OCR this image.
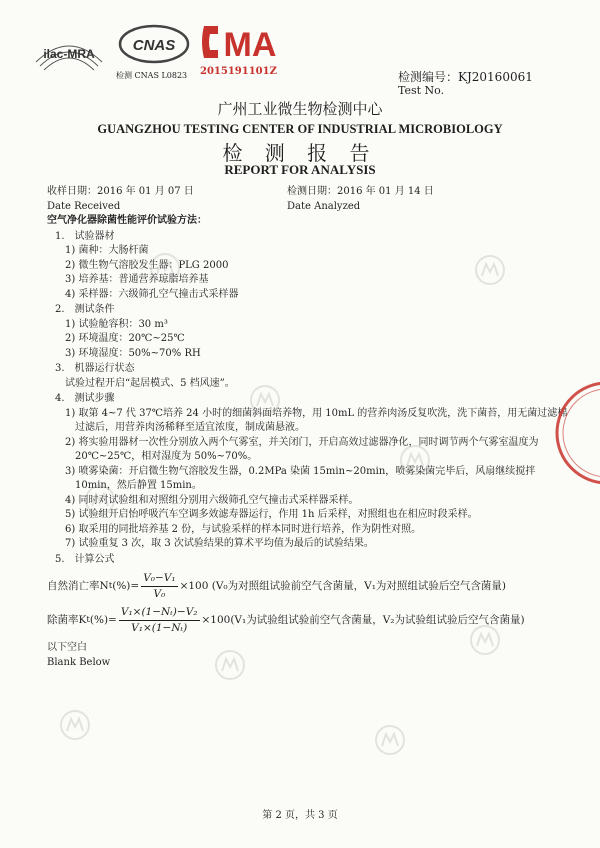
ilac-MRA	CNAS
检测 CNAS L0823
MA
2015191101Z	检测编号：KJ20160061
Test No.
广州工业微生物检测中心
GUANGZHOU TESTING CENTER OF INDUSTRIAL MICROBIOLOGY
检 测 报 告
REPORT FOR ANALYSIS
收样日期：2016 年 01 月 07 日	检测日期：2016 年 01 月 14 日
Date Received	Date Analyzed
空气净化器除菌性能评价试验方法：
1.　试验器材
1) 菌种：大肠杆菌
2) 微生物气溶胶发生器：PLG 2000
3) 培养基：普通营养琼脂培养基
4) 采样器：六级筛孔空气撞击式采样器
2.　测试条件
1) 试验舱容积：30 m³
2) 环境温度：20℃~25℃
3) 环境湿度：50%~70% RH
3.　机器运行状态
试验过程开启“起居模式、5 档风速”。
4.　测试步骤
1) 取第 4~7 代 37℃培养 24 小时的细菌斜面培养物，用 10mL 的营养肉汤反复吹洗，洗下菌苔，用无菌过滤棉过滤后，用营养肉汤稀释至适宜浓度，制成菌悬液。
2) 将实验用器材一次性分别放入两个气雾室，并关闭门，开启高效过滤器净化，同时调节两个气雾室温度为 20℃~25℃，相对湿度为 50%~70%。
3) 喷雾染菌：开启微生物气溶胶发生器，0.2MPa 染菌 15min~20min，喷雾染菌完毕后，风扇继续搅拌 10min，然后静置 15min。
4) 同时对试验组和对照组分别用六级筛孔空气撞击式采样器采样。
5) 试验组开启怡呼吸汽车空调多效滤寿器运行，作用 1h 后采样，对照组也在相应时段采样。
6) 取采用的同批培养基 2 份，与试验采样的样本同时进行培养，作为阴性对照。
7) 试验重复 3 次，取 3 次试验结果的算术平均值为最后的试验结果。
5.　计算公式
自然消亡率N t (%)= $\frac{\text{V₀−V₁}}{\text{V₀}} \times 100$ (V₀为对照组试验前空气含菌量，V₁为对照组试验后空气含菌量)
除菌率K t (%)= $\frac{\text{V₁×(1−Nₜ)−V₂}}{\text{V₁×(1−Nₜ)}} \times 100(V_1$为试验组试验前空气含菌量，V₂为试验组试验后空气含菌量)
以下空白
Blank Below
第 2 页，共 3 页
